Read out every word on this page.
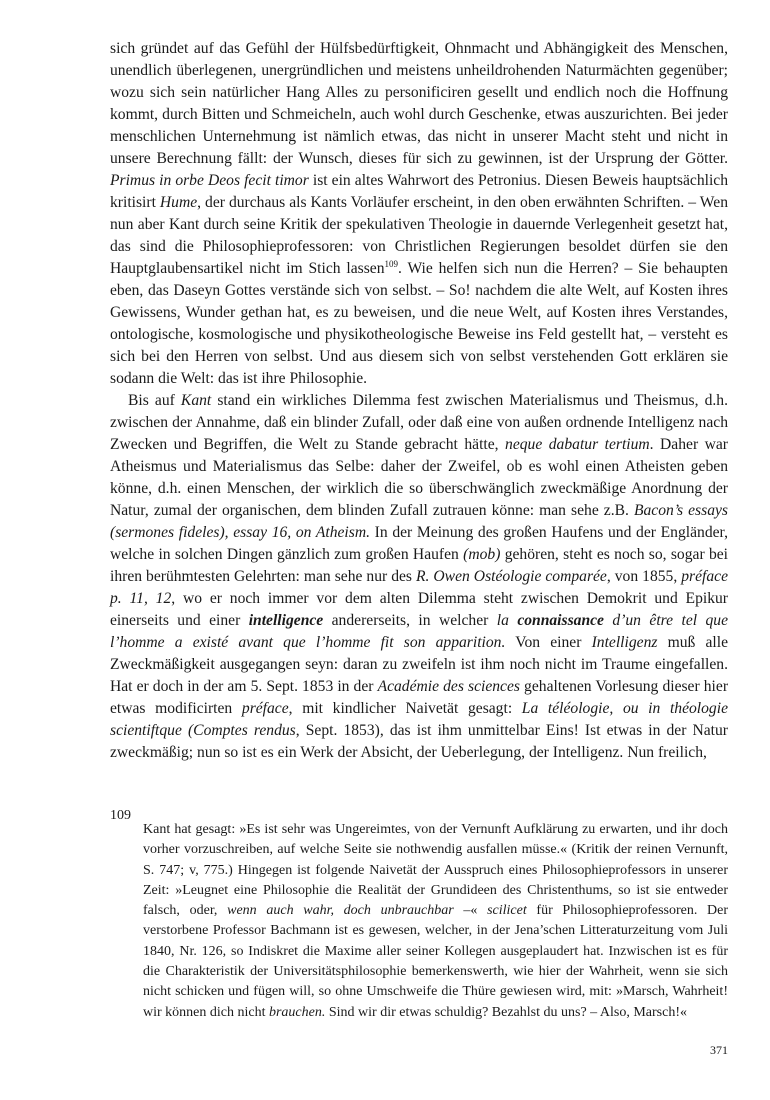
sich gründet auf das Gefühl der Hülfsbedürftigkeit, Ohnmacht und Abhängigkeit des Menschen, unendlich überlegenen, unergründlichen und meistens unheildrohenden Naturmächten gegenüber; wozu sich sein natürlicher Hang Alles zu personificiren gesellt und endlich noch die Hoffnung kommt, durch Bitten und Schmeicheln, auch wohl durch Geschenke, etwas auszurichten. Bei jeder menschlichen Unternehmung ist nämlich etwas, das nicht in unserer Macht steht und nicht in unsere Berechnung fällt: der Wunsch, dieses für sich zu gewinnen, ist der Ursprung der Götter. Primus in orbe Deos fecit timor ist ein altes Wahrwort des Petronius. Diesen Beweis hauptsächlich kritisirt Hume, der durchaus als Kants Vorläufer erscheint, in den oben erwähnten Schriften. – Wen nun aber Kant durch seine Kritik der spekulativen Theologie in dauernde Verlegenheit gesetzt hat, das sind die Philosophieprofessoren: von Christlichen Regierungen besoldet dürfen sie den Hauptglaubensartikel nicht im Stich lassen$^{109}$. Wie helfen sich nun die Herren? – Sie behaupten eben, das Daseyn Gottes verstände sich von selbst. – So! nachdem die alte Welt, auf Kosten ihres Gewissens, Wunder gethan hat, es zu beweisen, und die neue Welt, auf Kosten ihres Verstandes, ontologische, kosmologische und physikotheologische Beweise ins Feld gestellt hat, – versteht es sich bei den Herren von selbst. Und aus diesem sich von selbst verstehenden Gott erklären sie sodann die Welt: das ist ihre Philosophie.

Bis auf Kant stand ein wirkliches Dilemma fest zwischen Materialismus und Theismus, d.h. zwischen der Annahme, daß ein blinder Zufall, oder daß eine von außen ordnende Intelligenz nach Zwecken und Begriffen, die Welt zu Stande gebracht hätte, neque dabatur tertium. Daher war Atheismus und Materialismus das Selbe: daher der Zweifel, ob es wohl einen Atheisten geben könne, d.h. einen Menschen, der wirklich die so überschwänglich zweckmäßige Anordnung der Natur, zumal der organischen, dem blinden Zufall zutrauen könne: man sehe z.B. Bacon’s essays (sermones fideles), essay 16, on Atheism. In der Meinung des großen Haufens und der Engländer, welche in solchen Dingen gänzlich zum großen Haufen (mob) gehören, steht es noch so, sogar bei ihren berühmtesten Gelehrten: man sehe nur des R. Owen Ostéologie comparée, von 1855, préface p. 11, 12, wo er noch immer vor dem alten Dilemma steht zwischen Demokrit und Epikur einerseits und einer intelligence andererseits, in welcher la connaissance d’un être tel que l’homme a existé avant que l’homme fit son apparition. Von einer Intelligenz muß alle Zweckmäßigkeit ausgegangen seyn: daran zu zweifeln ist ihm noch nicht im Traume eingefallen. Hat er doch in der am 5. Sept. 1853 in der Académie des sciences gehaltenen Vorlesung dieser hier etwas modificirten préface, mit kindlicher Naivetät gesagt: La téléologie, ou in théologie scientiftque (Comptes rendus, Sept. 1853), das ist ihm unmittelbar Eins! Ist etwas in der Natur zweckmäßig; nun so ist es ein Werk der Absicht, der Ueberlegung, der Intelligenz. Nun freilich,

109

Kant hat gesagt: »Es ist sehr was Ungereimtes, von der Vernunft Aufklärung zu erwarten, und ihr doch vorher vorzuschreiben, auf welche Seite sie nothwendig ausfallen müsse.« (Kritik der reinen Vernunft, S. 747; v, 775.) Hingegen ist folgende Naivetät der Ausspruch eines Philosophieprofessors in unserer Zeit: »Leugnet eine Philosophie die Realität der Grundideen des Christenthums, so ist sie entweder falsch, oder, wenn auch wahr, doch unbrauchbar –« scilicet für Philosophieprofessoren. Der verstorbene Professor Bachmann ist es gewesen, welcher, in der Jena’schen Litteraturzeitung vom Juli 1840, Nr. 126, so Indiskret die Maxime aller seiner Kollegen ausgeplaudert hat. Inzwischen ist es für die Charakteristik der Universitätsphilosophie bemerkenswerth, wie hier der Wahrheit, wenn sie sich nicht schicken und fügen will, so ohne Umschweife die Thüre gewiesen wird, mit: »Marsch, Wahrheit! wir können dich nicht brauchen. Sind wir dir etwas schuldig? Bezahlst du uns? – Also, Marsch!«

371
